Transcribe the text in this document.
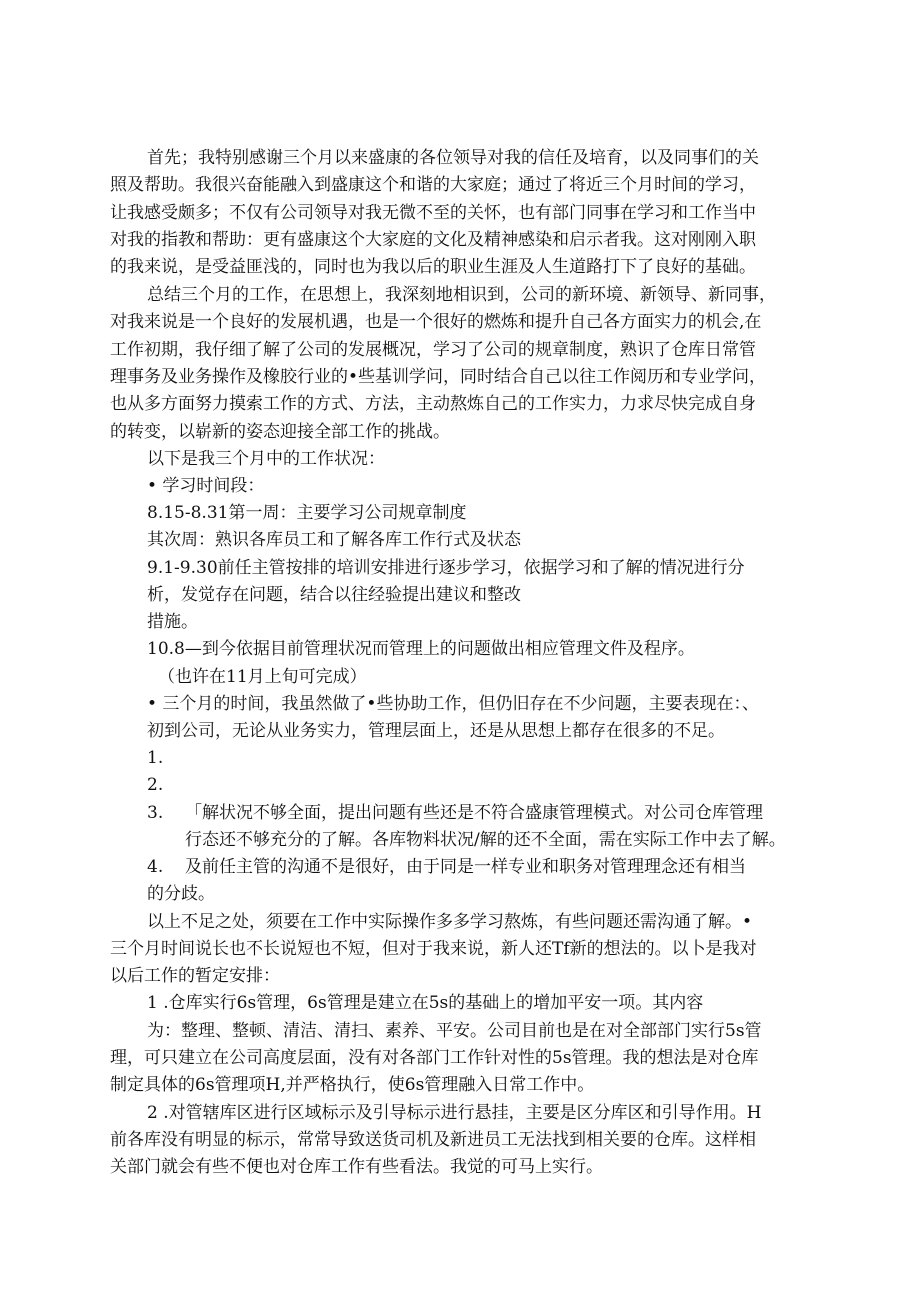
首先；我特别感谢三个月以来盛康的各位领导对我的信任及培育，以及同事们的关
照及帮助。我很兴奋能融入到盛康这个和谐的大家庭；通过了将近三个月时间的学习，
让我感受颇多；不仅有公司领导对我无微不至的关怀，也有部门同事在学习和工作当中
对我的指教和帮助：更有盛康这个大家庭的文化及精神感染和启示者我。这对刚刚入职
的我来说，是受益匪浅的，同时也为我以后的职业生涯及人生道路打下了良好的基础。
总结三个月的工作，在思想上，我深刻地相识到，公司的新环境、新领导、新同事，
对我来说是一个良好的发展机遇，也是一个很好的燃炼和提升自己各方面实力的机会,在
工作初期，我仔细了解了公司的发展概况，学习了公司的规章制度，熟识了仓库日常管
理事务及业务操作及橡胶行业的•些基训学问，同时结合自己以往工作阅历和专业学问，
也从多方面努力摸索工作的方式、方法，主动熬炼自己的工作实力，力求尽快完成自身
的转变，以崭新的姿态迎接全部工作的挑战。
以下是我三个月中的工作状况：
• 学习时间段：
8.15-8.31第一周：主要学习公司规章制度
其次周：熟识各库员工和了解各库工作行式及状态
9.1-9.30前任主管按排的培训安排进行逐步学习，依据学习和了解的情况进行分
析，发觉存在问题，结合以往经验提出建议和整改
措施。
10.8—到今依据目前管理状况而管理上的问题做出相应管理文件及程序。
（也许在11月上旬可完成）
• 三个月的时间，我虽然做了•些协助工作，但仍旧存在不少问题，主要表现在：、
初到公司，无论从业务实力，管理层面上，还是从思想上都存在很多的不足。
1.
2.
3. 「解状况不够全面，提出问题有些还是不符合盛康管理模式。对公司仓库管理
行态还不够充分的了解。各库物料状况/解的还不全面，需在实际工作中去了解。
4. 及前任主管的沟通不是很好，由于同是一样专业和职务对管理理念还有相当
的分歧。
以上不足之处，须要在工作中实际操作多多学习熬炼，有些问题还需沟通了解。•
三个月时间说长也不长说短也不短，但对于我来说，新人还Tf新的想法的。以卜是我对
以后工作的暂定安排：
1 .仓库实行6s管理，6s管理是建立在5s的基础上的增加平安一项。其内容
为：整理、整顿、清洁、清扫、素养、平安。公司目前也是在对全部部门实行5s管
理，可只建立在公司高度层面，没有对各部门工作针对性的5s管理。我的想法是对仓库
制定具体的6s管理项H,并严格执行，使6s管理融入日常工作中。
2 .对管辖库区进行区域标示及引导标示进行悬挂，主要是区分库区和引导作用。H
前各库没有明显的标示，常常导致送货司机及新进员工无法找到相关要的仓库。这样相
关部门就会有些不便也对仓库工作有些看法。我觉的可马上实行。
